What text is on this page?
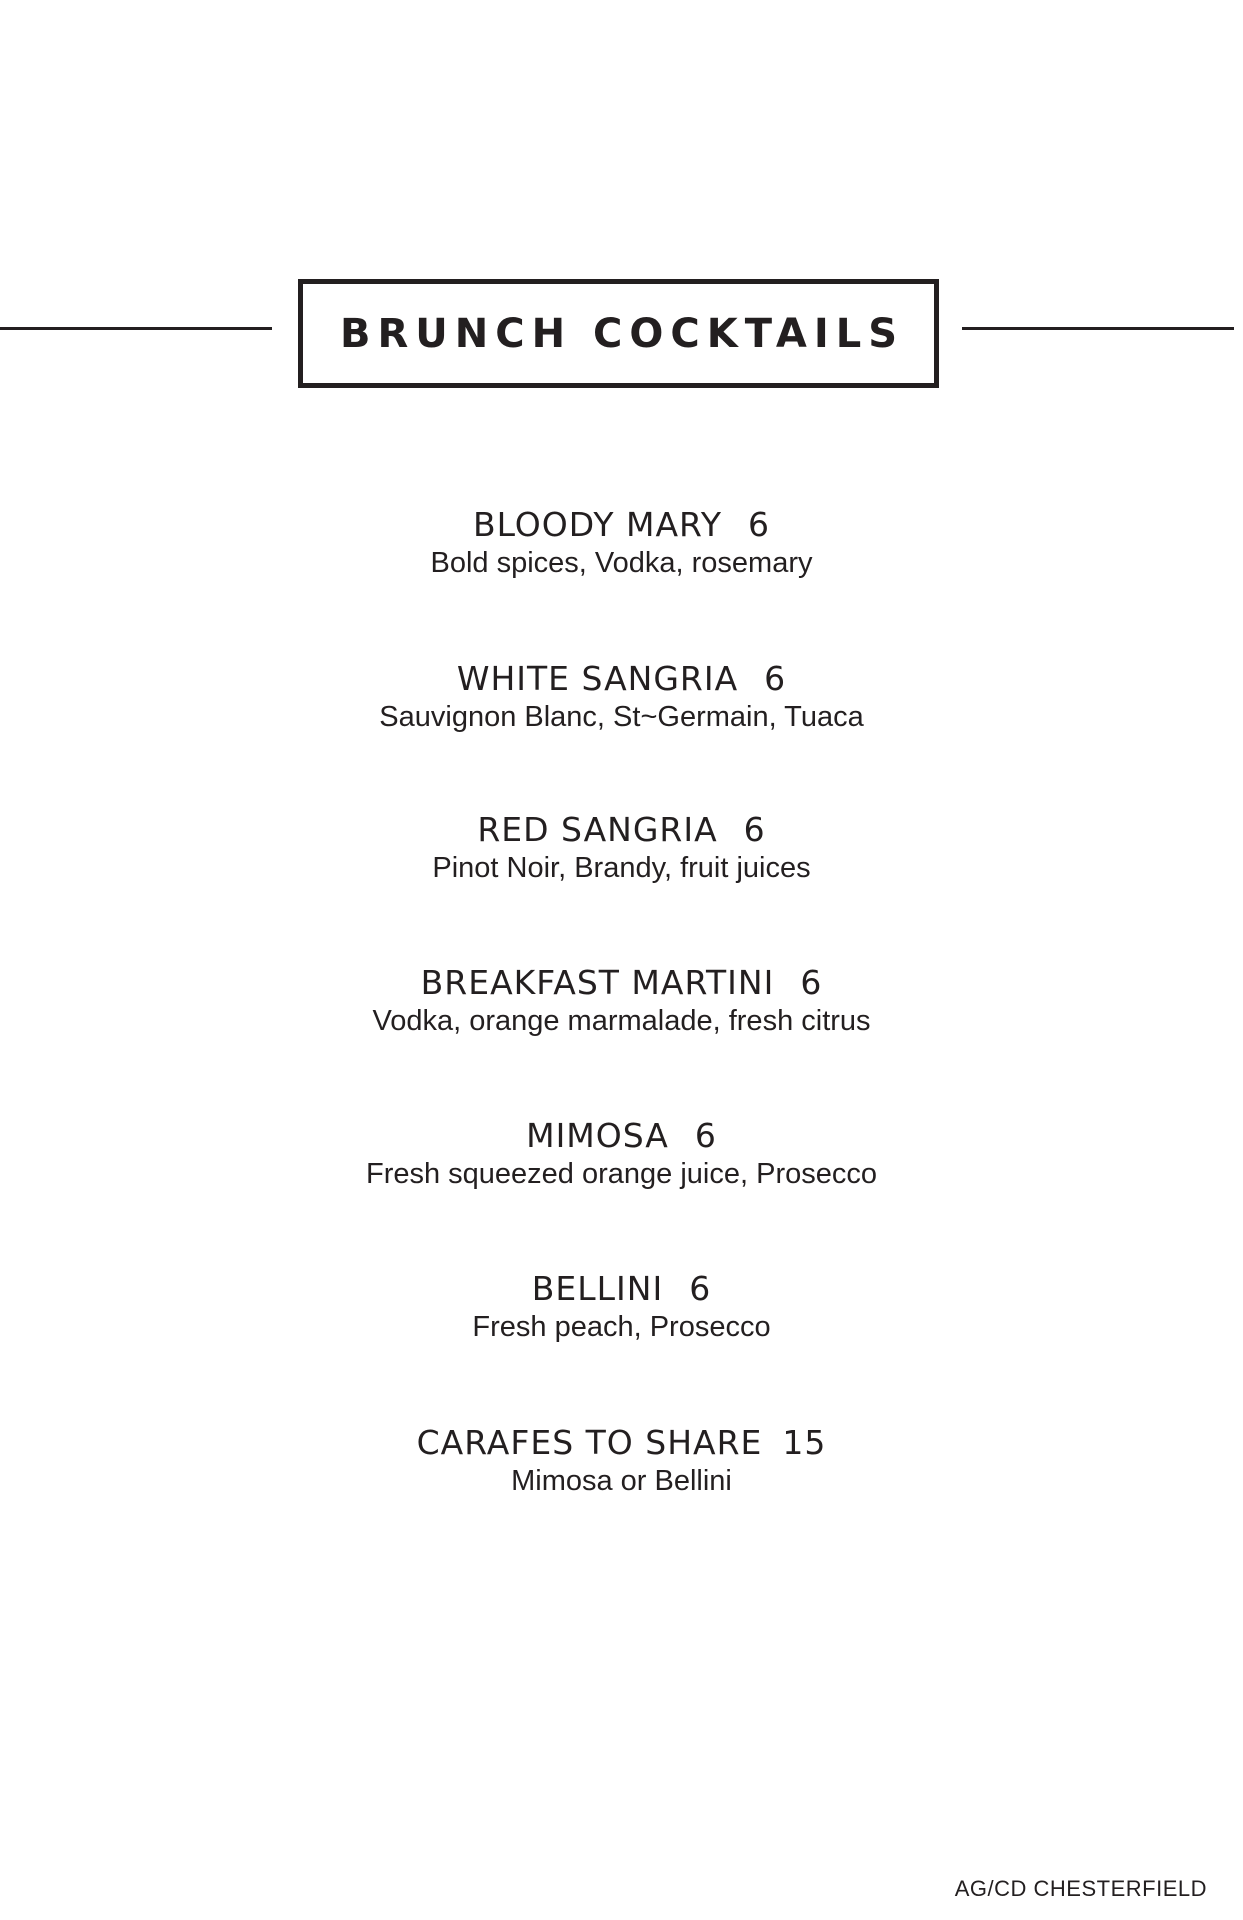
BRUNCH COCKTAILS
BLOODY MARY 6
Bold spices, Vodka, rosemary
WHITE SANGRIA 6
Sauvignon Blanc, St~Germain, Tuaca
RED SANGRIA 6
Pinot Noir, Brandy, fruit juices
BREAKFAST MARTINI 6
Vodka, orange marmalade, fresh citrus
MIMOSA 6
Fresh squeezed orange juice, Prosecco
BELLINI 6
Fresh peach, Prosecco
CARAFES TO SHARE 15
Mimosa or Bellini
AG/CD CHESTERFIELD
